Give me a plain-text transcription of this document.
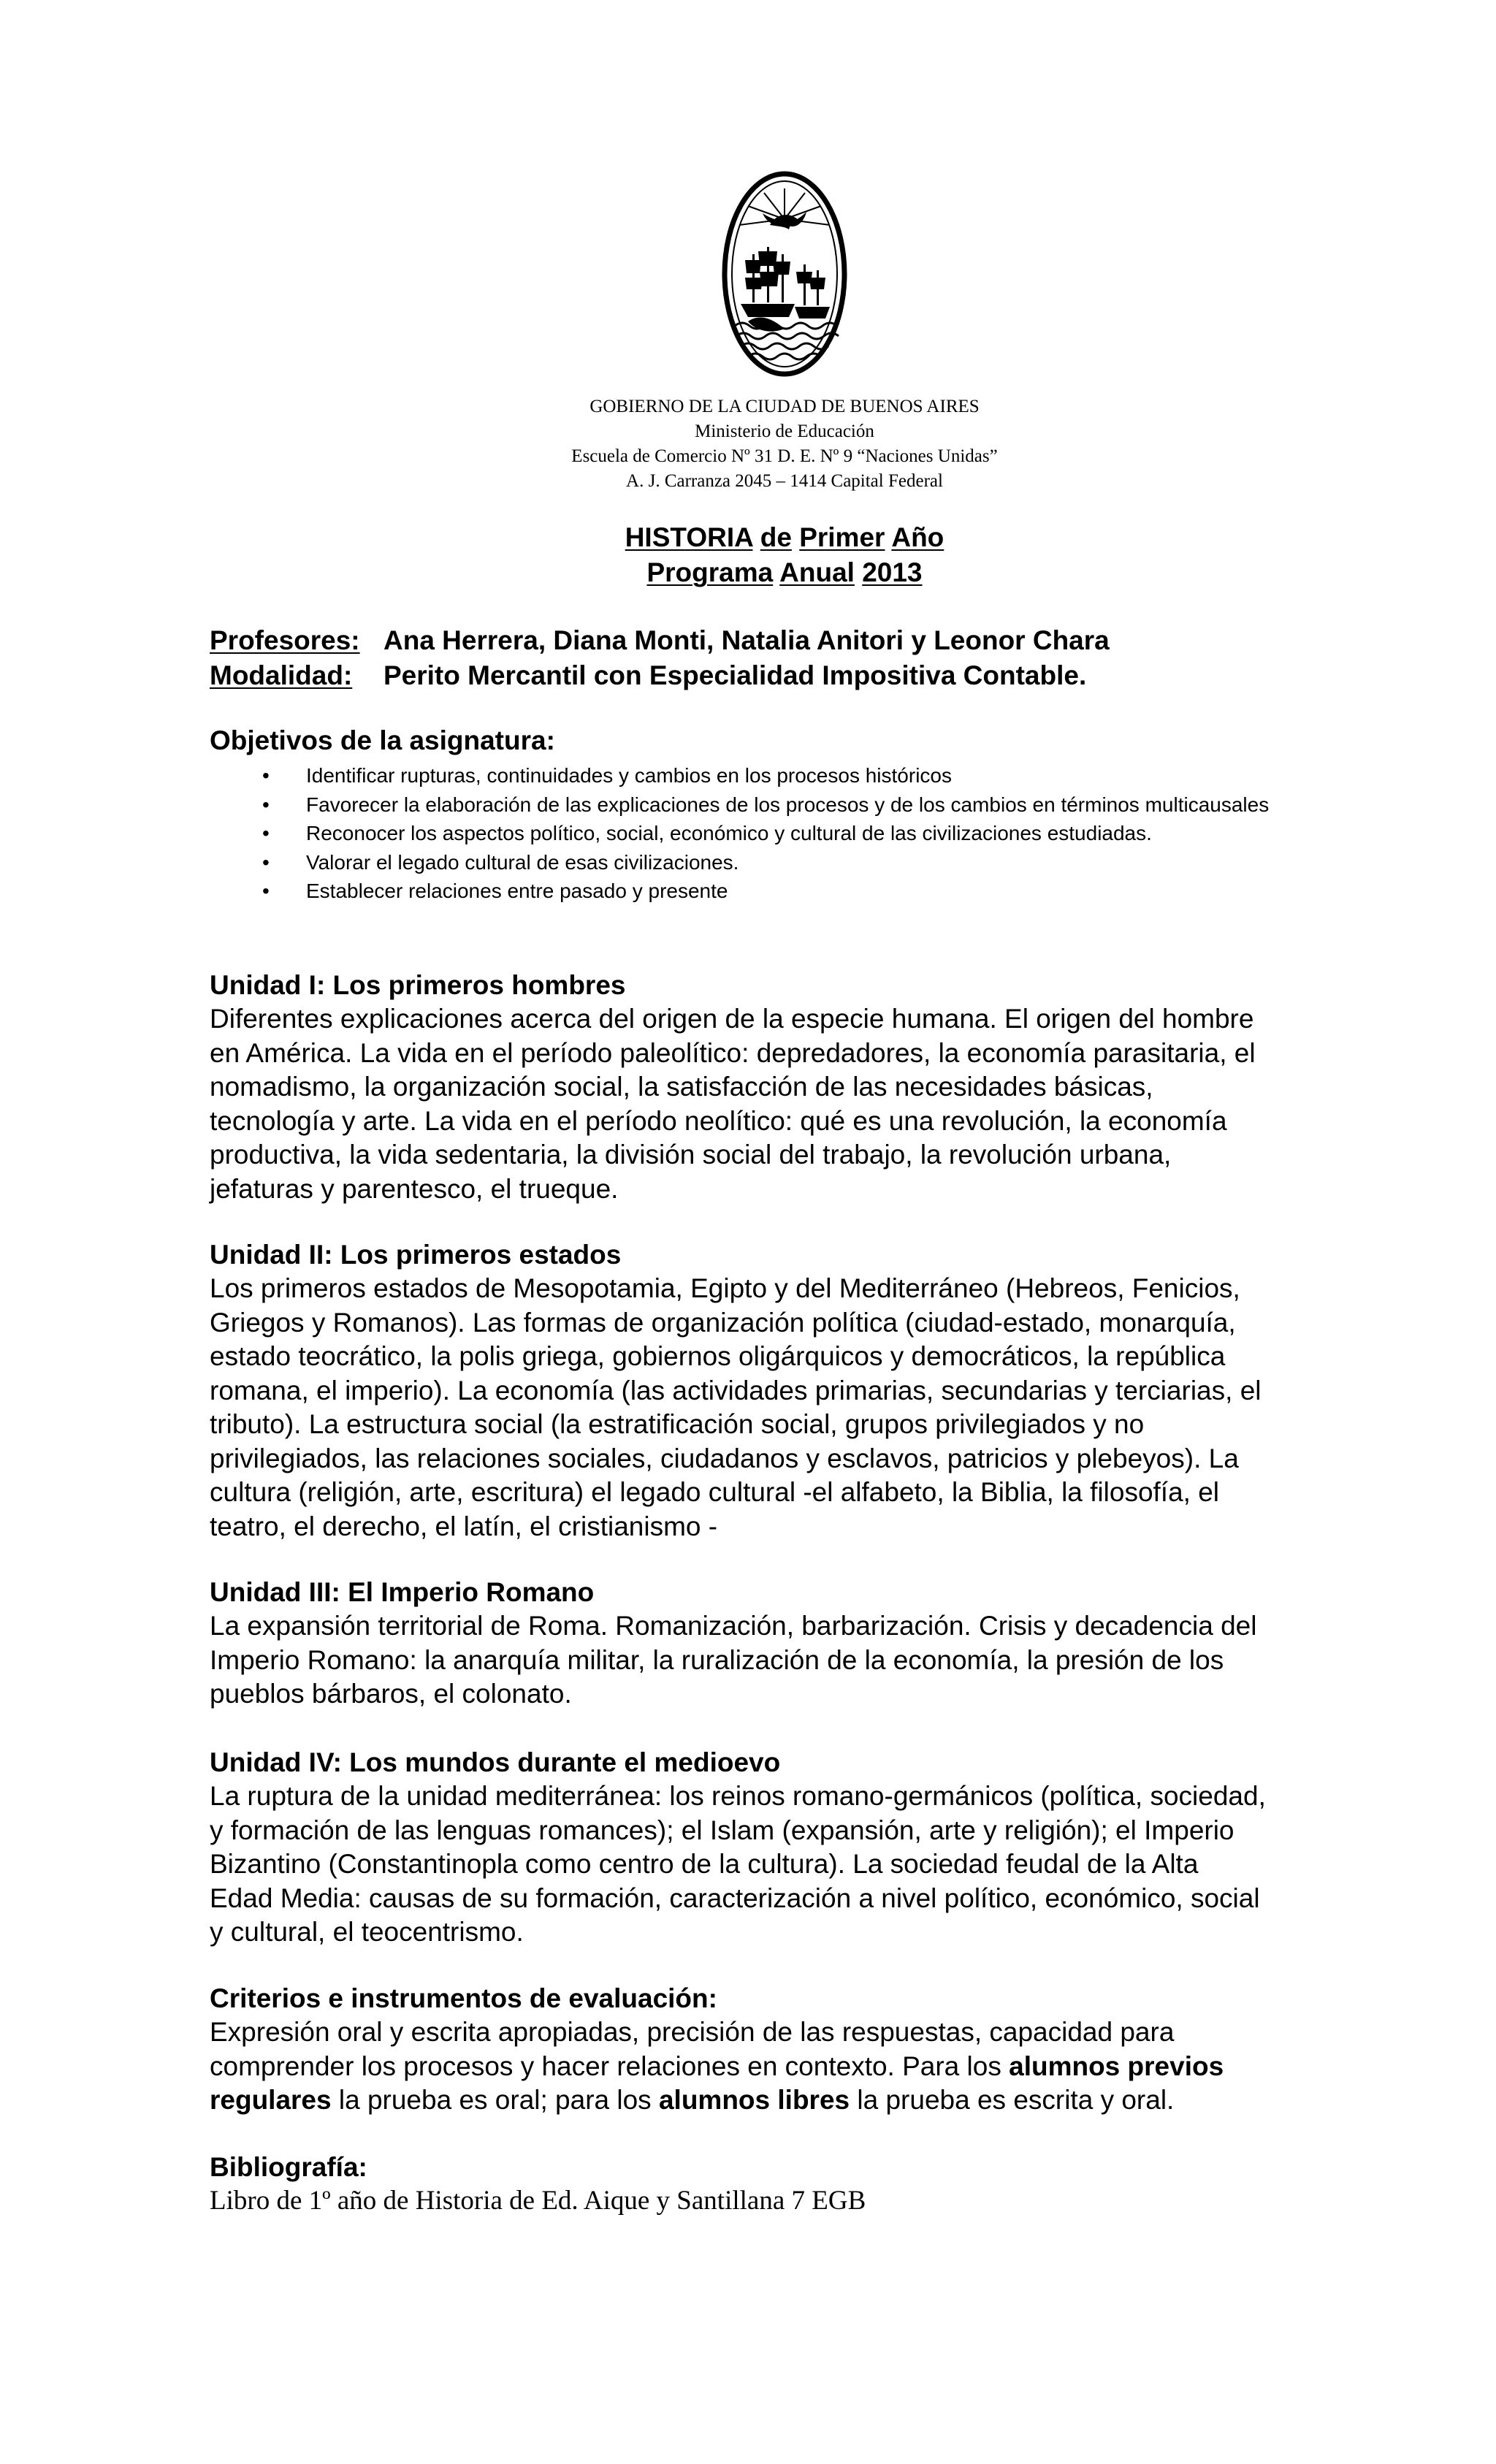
GOBIERNO DE LA CIUDAD DE BUENOS AIRES
Ministerio de Educación
Escuela de Comercio Nº 31 D. E. Nº 9 “Naciones Unidas”
A. J. Carranza 2045 – 1414 Capital Federal
HISTORIA de Primer Año
Programa Anual 2013
Profesores: Ana Herrera, Diana Monti, Natalia Anitori y Leonor Chara
Modalidad: Perito Mercantil con Especialidad Impositiva Contable.
Objetivos de la asignatura:
• Identificar rupturas, continuidades y cambios en los procesos históricos
• Favorecer la elaboración de las explicaciones de los procesos y de los cambios en términos multicausales
• Reconocer los aspectos político, social, económico y cultural de las civilizaciones estudiadas.
• Valorar el legado cultural de esas civilizaciones.
• Establecer relaciones entre pasado y presente
Unidad I: Los primeros hombres

Diferentes explicaciones acerca del origen de la especie humana. El origen del hombre

en América. La vida en el período paleolítico: depredadores, la economía parasitaria, el

nomadismo, la organización social, la satisfacción de las necesidades básicas,

tecnología y arte. La vida en el período neolítico: qué es una revolución, la economía

productiva, la vida sedentaria, la división social del trabajo, la revolución urbana,

jefaturas y parentesco, el trueque.

Unidad II: Los primeros estados

Los primeros estados de Mesopotamia, Egipto y del Mediterráneo (Hebreos, Fenicios,

Griegos y Romanos). Las formas de organización política (ciudad-estado, monarquía,

estado teocrático, la polis griega, gobiernos oligárquicos y democráticos, la república

romana, el imperio). La economía (las actividades primarias, secundarias y terciarias, el

tributo). La estructura social (la estratificación social, grupos privilegiados y no

privilegiados, las relaciones sociales, ciudadanos y esclavos, patricios y plebeyos). La

cultura (religión, arte, escritura) el legado cultural -el alfabeto, la Biblia, la filosofía, el

teatro, el derecho, el latín, el cristianismo -

Unidad III: El Imperio Romano

La expansión territorial de Roma. Romanización, barbarización. Crisis y decadencia del

Imperio Romano: la anarquía militar, la ruralización de la economía, la presión de los

pueblos bárbaros, el colonato.

Unidad IV: Los mundos durante el medioevo

La ruptura de la unidad mediterránea: los reinos romano-germánicos (política, sociedad,

y formación de las lenguas romances); el Islam (expansión, arte y religión); el Imperio

Bizantino (Constantinopla como centro de la cultura). La sociedad feudal de la Alta

Edad Media: causas de su formación, caracterización a nivel político, económico, social

y cultural, el teocentrismo.

Criterios e instrumentos de evaluación:

Expresión oral y escrita apropiadas, precisión de las respuestas, capacidad para

comprender los procesos y hacer relaciones en contexto. Para los alumnos previos

regulares la prueba es oral; para los alumnos libres la prueba es escrita y oral.

Bibliografía:

Libro de 1º año de Historia de Ed. Aique y Santillana 7 EGB
